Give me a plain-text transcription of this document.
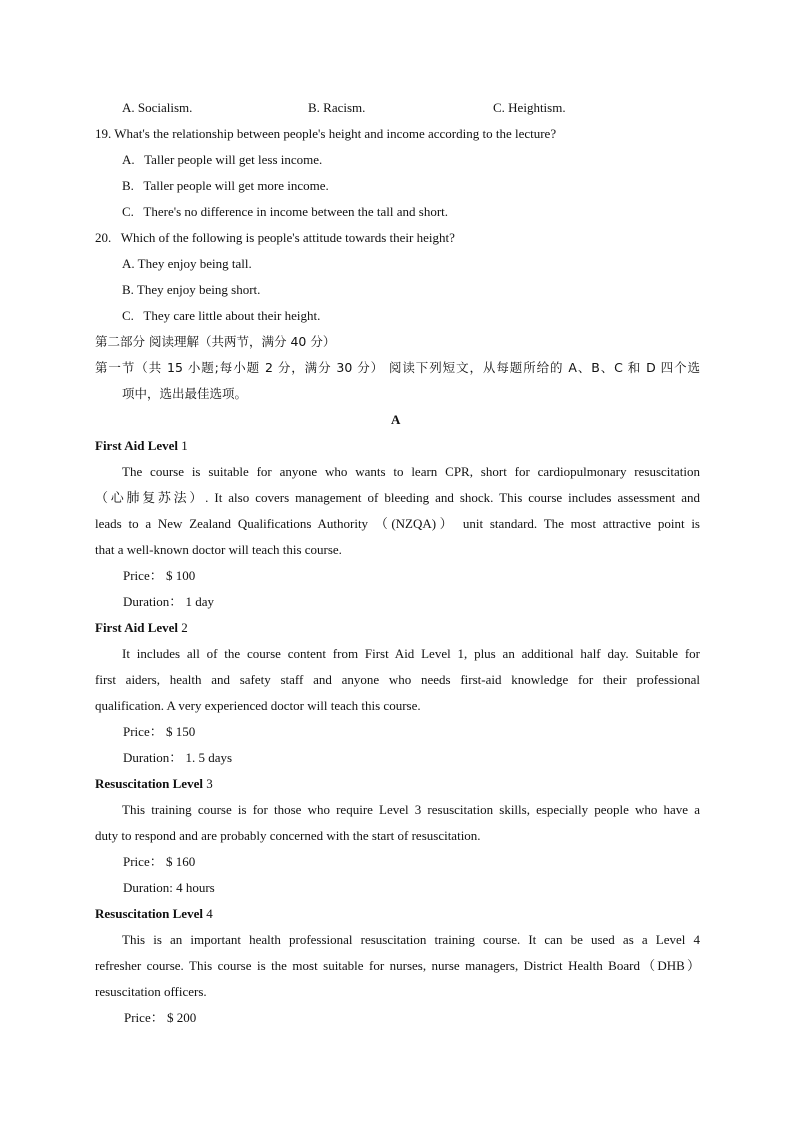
A. Socialism.	B. Racism.	C. Heightism.
19. What's the relationship between people's height and income according to the lecture?
A.   Taller people will get less income.
B.   Taller people will get more income.
C.   There's no difference in income between the tall and short.
20.   Which of the following is people's attitude towards their height?
A. They enjoy being tall.
B. They enjoy being short.
C.   They care little about their height.
第二部分 阅读理解（共两节，满分 40 分）
第一节（共 15 小题;每小题 2 分，满分 30 分） 阅读下列短文，从每题所给的 A、B、C 和 D 四个选
项中，选出最佳选项。
A
First Aid Level 1
The course is suitable for anyone who wants to learn CPR, short for cardiopulmonary resuscitation
（心肺复苏法）. It also covers management of bleeding and shock. This course includes assessment and
leads to a New Zealand Qualifications Authority （(NZQA)） unit standard. The most attractive point is
that a well-known doctor will teach this course.
Price： $ 100
Duration： 1 day
First Aid Level 2
It includes all of the course content from First Aid Level 1, plus an additional half day. Suitable for
first aiders, health and safety staff and anyone who needs first-aid knowledge for their professional
qualification. A very experienced doctor will teach this course.
Price： $ 150
Duration： 1. 5 days
Resuscitation Level 3
This training course is for those who require Level 3 resuscitation skills, especially people who have a
duty to respond and are probably concerned with the start of resuscitation.
Price： $ 160
Duration: 4 hours
Resuscitation Level 4
This is an important health professional resuscitation training course. It can be used as a Level 4
refresher course. This course is the most suitable for nurses, nurse managers, District Health Board（DHB）
resuscitation officers.
Price： $ 200
